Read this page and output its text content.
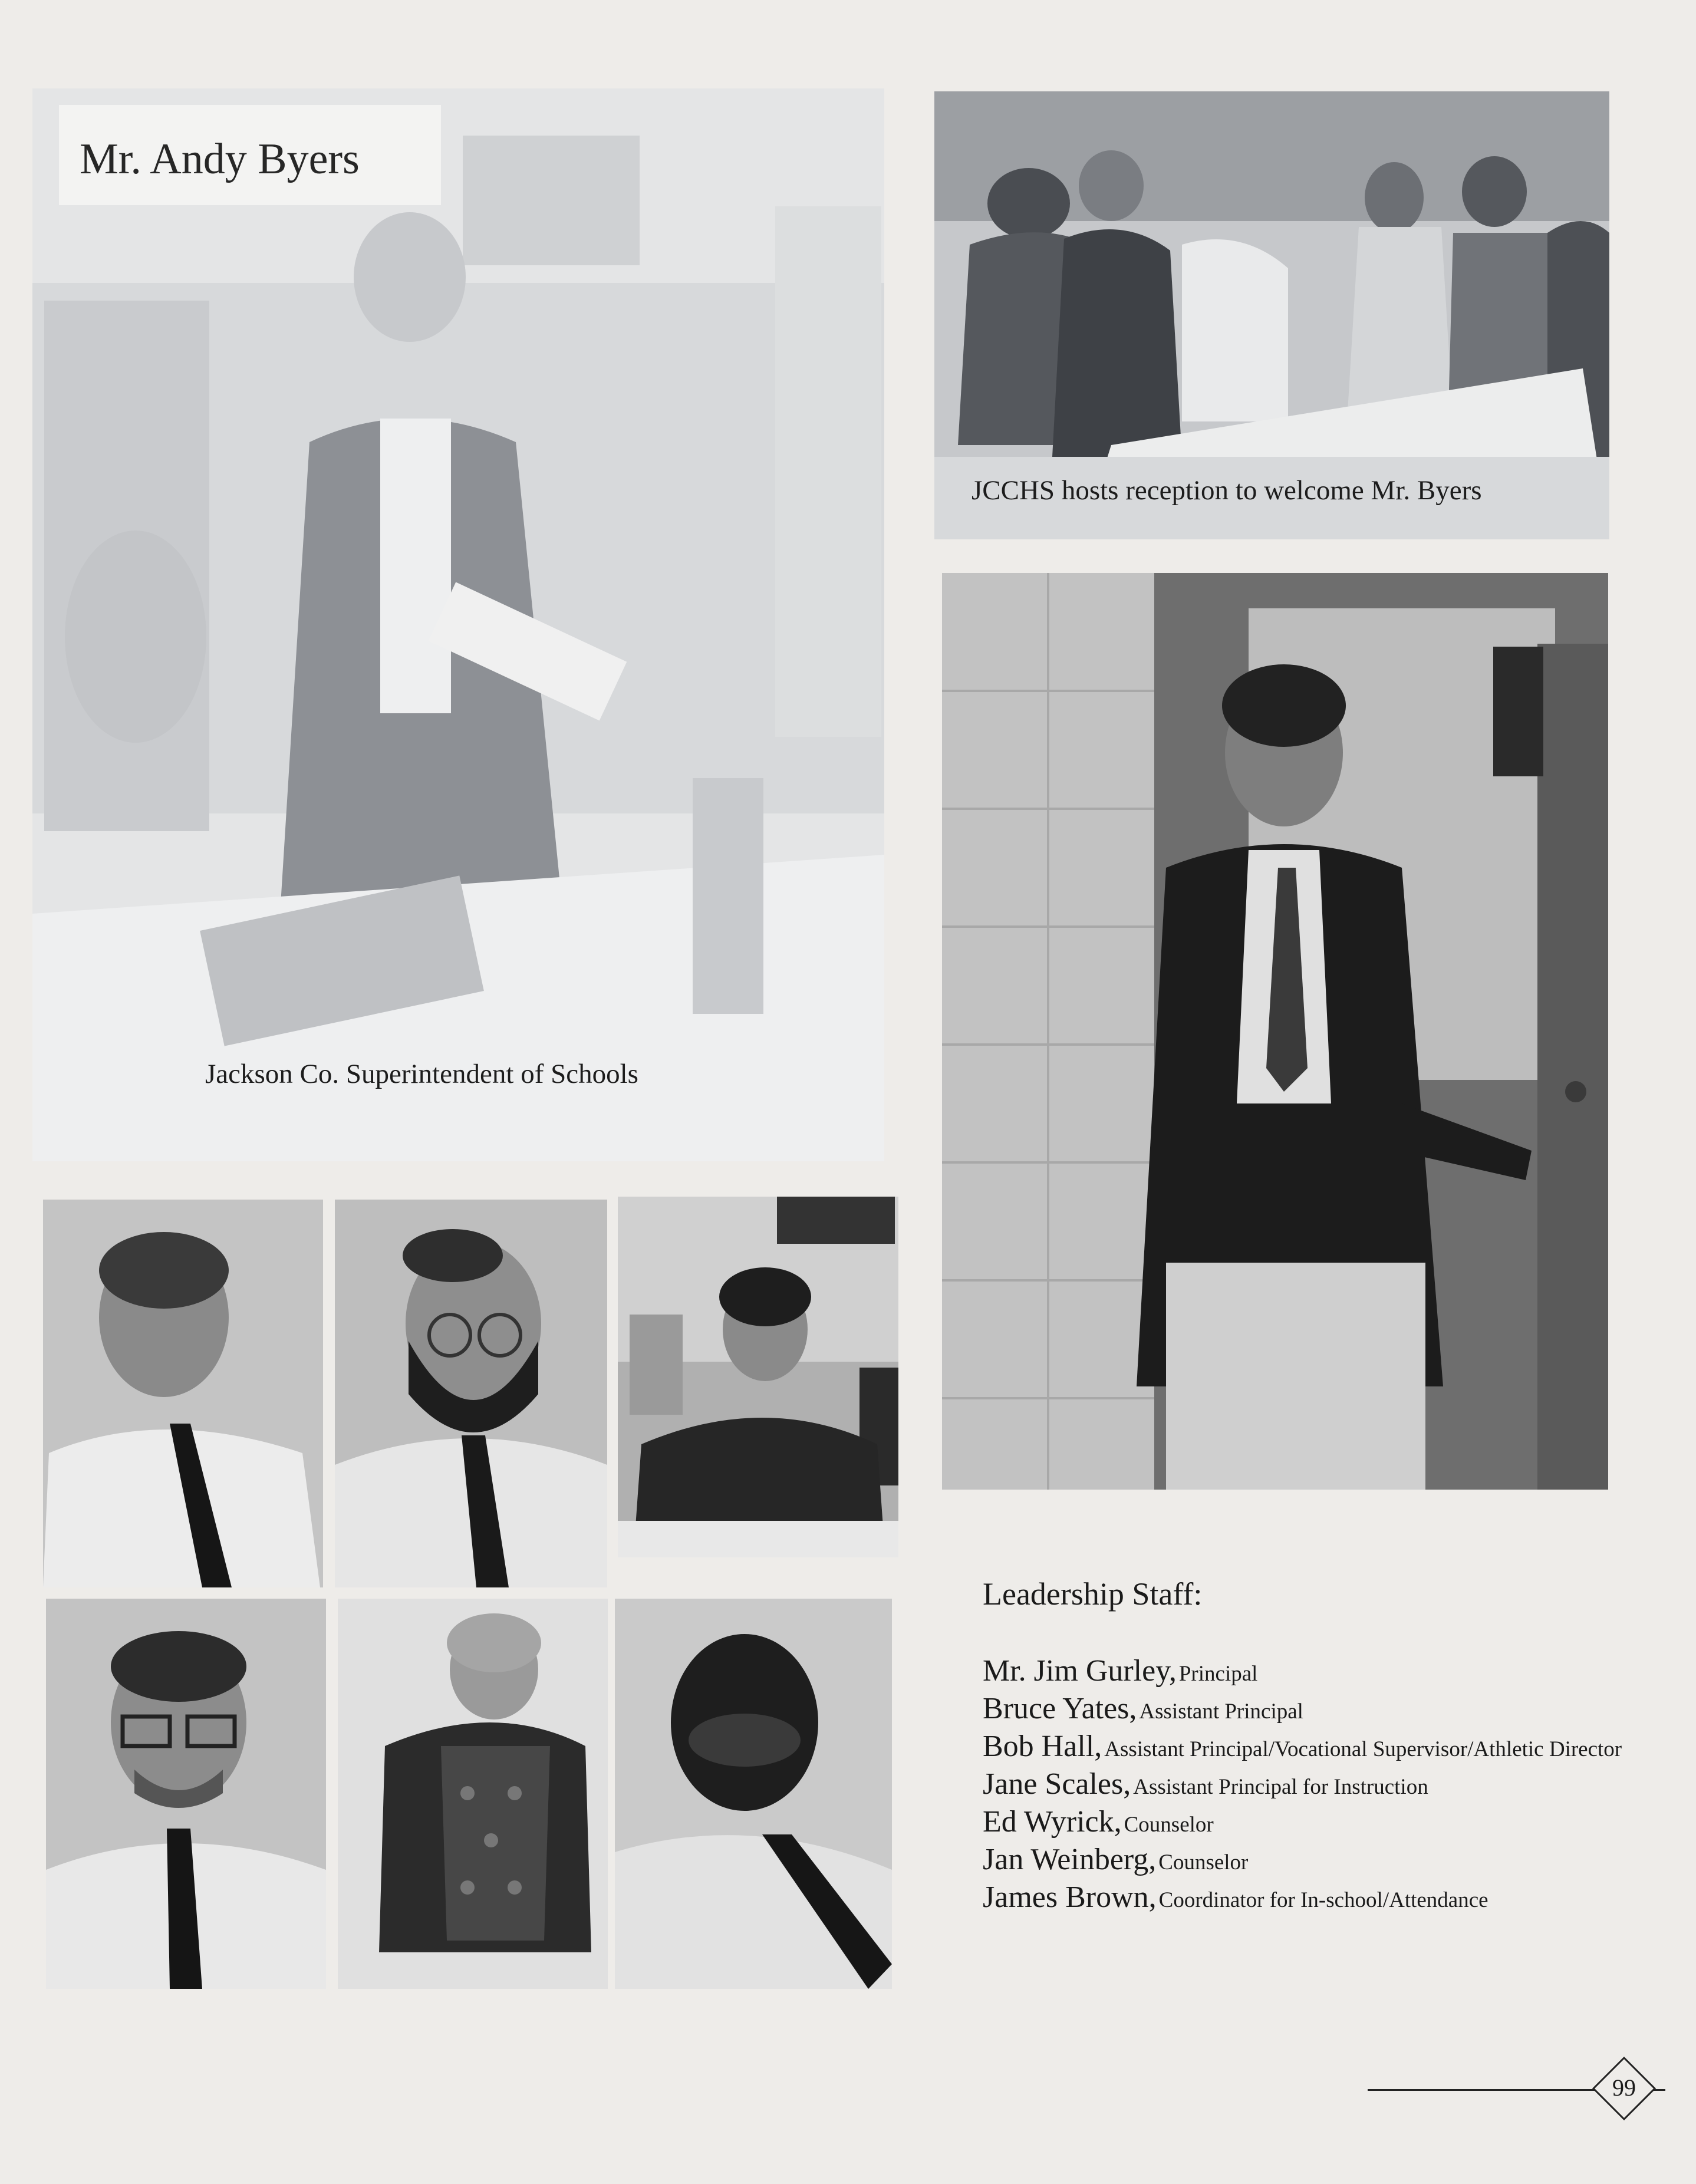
Mr. Andy Byers
Jackson Co. Superintendent of Schools
JCCHS hosts reception to welcome Mr. Byers
Leadership Staff:
Mr. Jim Gurley, Principal
Bruce Yates, Assistant Principal
Bob Hall, Assistant Principal/Vocational Supervisor/Athletic Director
Jane Scales, Assistant Principal for Instruction
Ed Wyrick, Counselor
Jan Weinberg, Counselor
James Brown, Coordinator for In-school/Attendance
99
